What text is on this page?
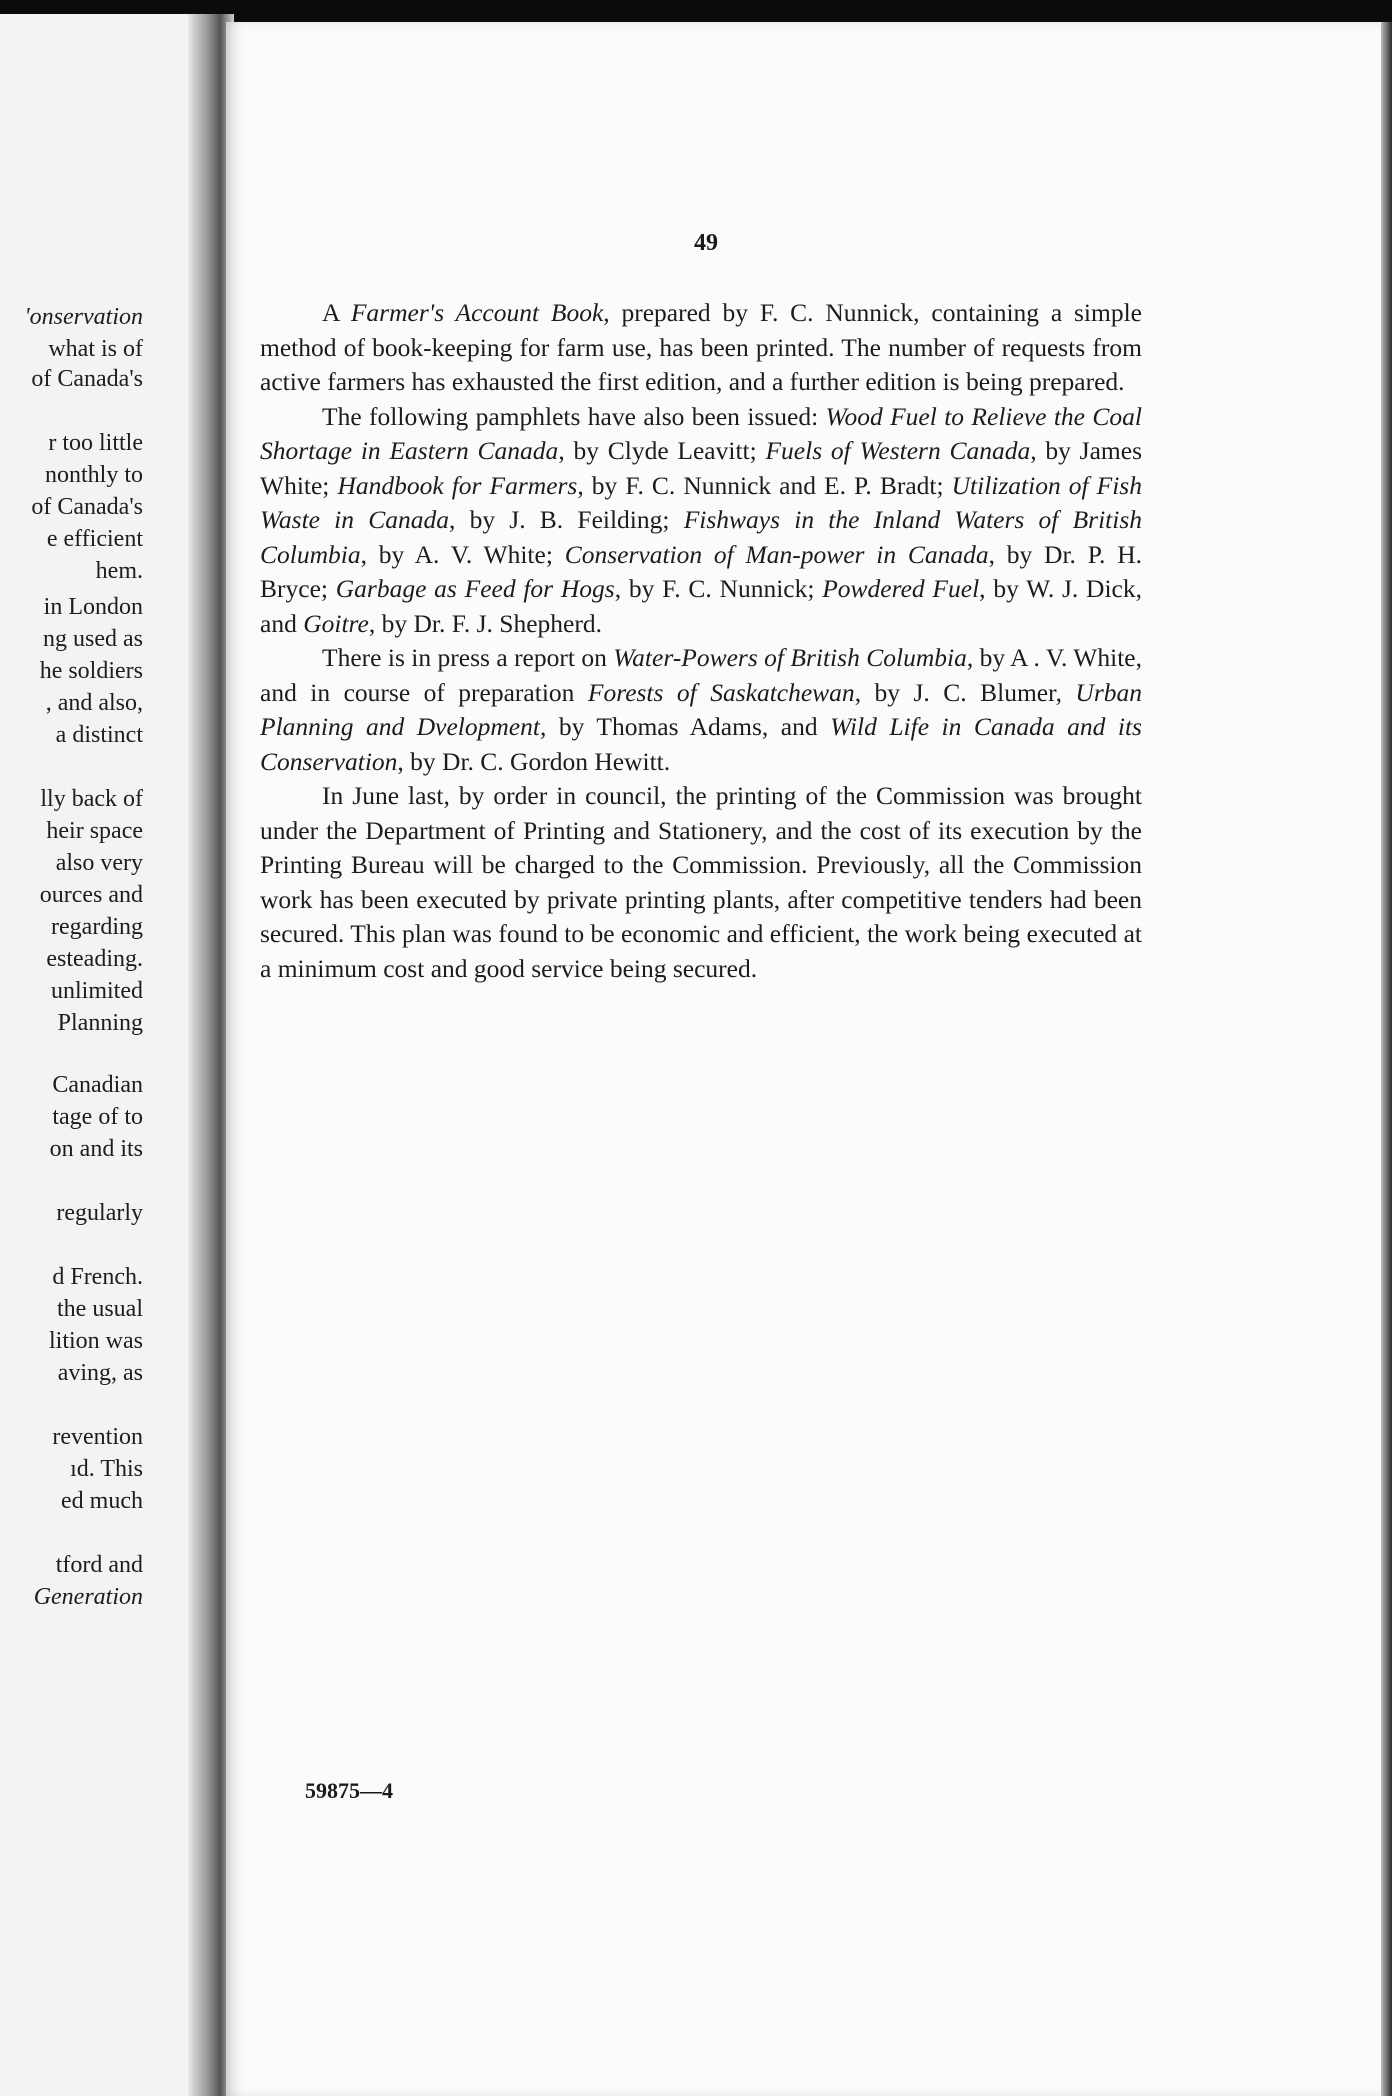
'onservation
what is of
of Canada's
r too little
nonthly to
of Canada's
e efficient
hem.
in London
ng used as
he soldiers
, and also,
a distinct
lly back of
heir space
also very
ources and
regarding
esteading.
unlimited
Planning
Canadian
tage of to
on and its
regularly
d French.
the usual
lition was
aving, as
revention
ıd. This
ed much
tford and
Generation
49

A Farmer's Account Book, prepared by F. C. Nunnick, containing a simple method of book-keeping for farm use, has been printed. The number of requests from active farmers has exhausted the first edition, and a further edition is being prepared.

The following pamphlets have also been issued: Wood Fuel to Relieve the Coal Shortage in Eastern Canada, by Clyde Leavitt; Fuels of Western Canada, by James White; Handbook for Farmers, by F. C. Nunnick and E. P. Bradt; Utilization of Fish Waste in Canada, by J. B. Feilding; Fishways in the Inland Waters of British Columbia, by A. V. White; Conservation of Man-power in Canada, by Dr. P. H. Bryce; Garbage as Feed for Hogs, by F. C. Nunnick; Powdered Fuel, by W. J. Dick, and Goitre, by Dr. F. J. Shepherd.

There is in press a report on Water-Powers of British Columbia, by A . V. White, and in course of preparation Forests of Saskatchewan, by J. C. Blumer, Urban Planning and Dvelopment, by Thomas Adams, and Wild Life in Canada and its Conservation, by Dr. C. Gordon Hewitt.

In June last, by order in council, the printing of the Commission was brought under the Department of Printing and Stationery, and the cost of its execution by the Printing Bureau will be charged to the Commission. Previously, all the Commission work has been executed by private printing plants, after competitive tenders had been secured. This plan was found to be economic and efficient, the work being executed at a minimum cost and good service being secured.

59875—4
